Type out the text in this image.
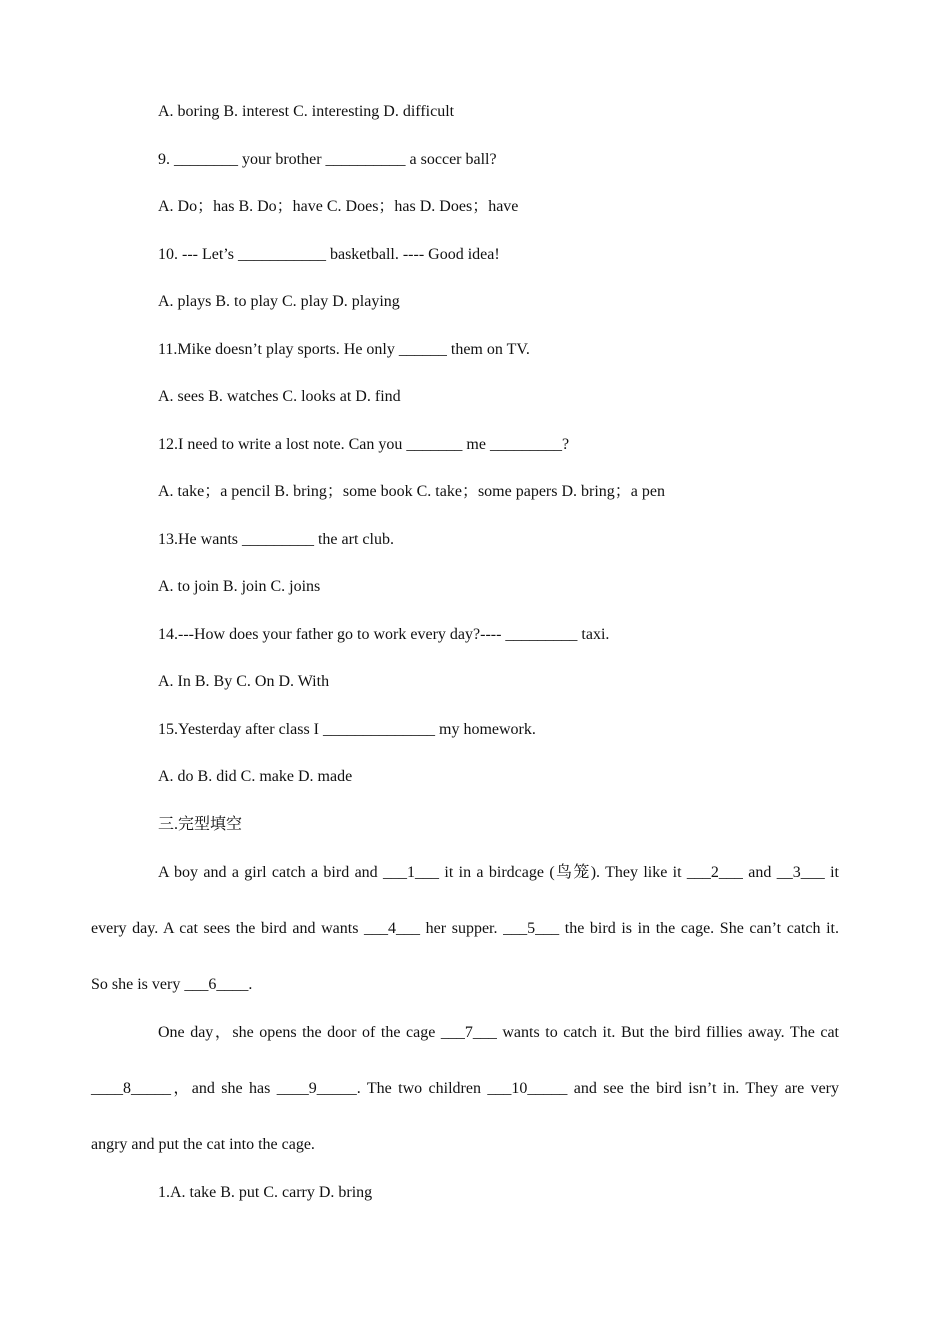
A. boring B. interest C. interesting D. difficult

9. ________ your brother __________ a soccer ball?

A. Do；has B. Do；have C. Does；has D. Does；have

10. --- Let’s ___________ basketball. ---- Good idea!

A. plays B. to play C. play D. playing

11.Mike doesn’t play sports. He only ______ them on TV.

A. sees B. watches C. looks at D. find

12.I need to write a lost note. Can you _______ me _________?

A. take；a pencil B. bring；some book C. take；some papers D. bring；a pen

13.He wants _________ the art club.

A. to join B. join C. joins

14.---How does your father go to work every day?---- _________ taxi.

A. In B. By C. On D. With

15.Yesterday after class I ______________ my homework.

A. do B. did C. make D. made

三.完型填空

A boy and a girl catch a bird and ___1___ it in a birdcage (鸟笼). They like it ___2___ and __3___ it

every day. A cat sees the bird and wants ___4___ her supper. ___5___ the bird is in the cage. She can’t catch it.

So she is very ___6____.

One day，she opens the door of the cage ___7___ wants to catch it. But the bird fillies away. The cat

____8_____，and she has ____9_____. The two children ___10_____ and see the bird isn’t in. They are very

angry and put the cat into the cage.

1.A. take B. put C. carry D. bring
